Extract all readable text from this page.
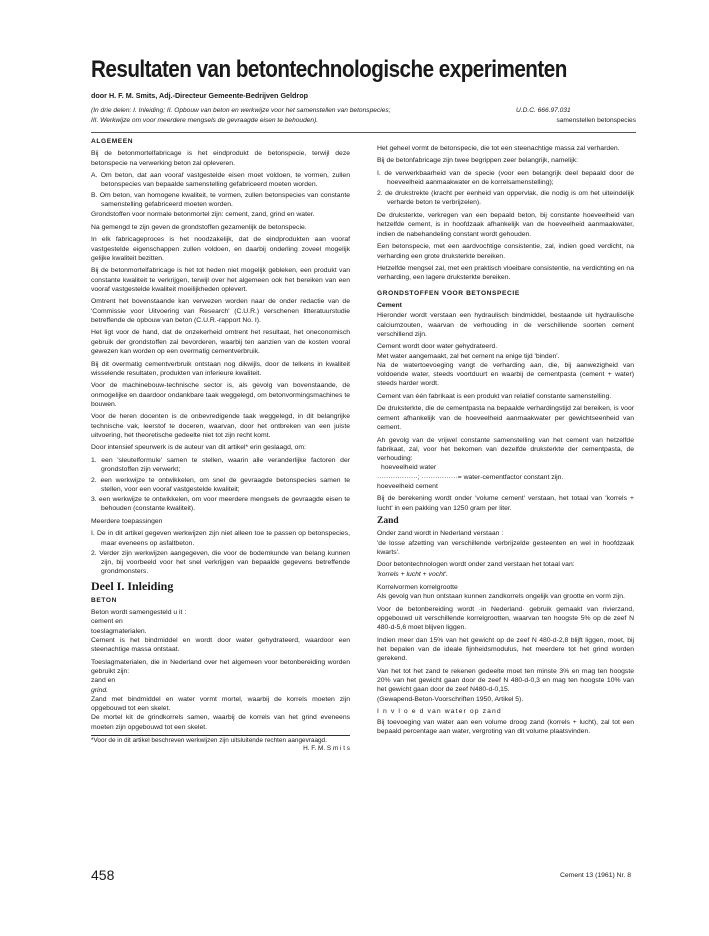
Resultaten van betontechnologische experimenten
door H. F. M. Smits, Adj.-Directeur Gemeente-Bedrijven Geldrop
(In drie delen: I. Inleiding; II. Opbouw van beton en werkwijze voor het samenstellen van betonspecies;	U.D.C. 666.97.031
III. Werkwijze om voor meerdere mengsels de gevraagde eisen te behouden).	samenstellen betonspecies
ALGEMEEN

Bij de betonmortelfabricage is het eindprodukt de betonspecie, terwijl deze betonspecie na verwerking beton zal opleveren.

A. Om beton, dat aan vooraf vastgestelde eisen moet voldoen, te vormen, zullen betonspecies van bepaalde samenstelling gefabriceerd moeten worden.
B. Om beton, van homogene kwaliteit, te vormen, zullen betonspecies van constante samenstelling gefabriceerd moeten worden.

Grondstoffen voor normale betonmortel zijn: cement, zand, grind en water.

Na gemengd te zijn geven de grondstoffen gezamenlijk de betonspecie.

In elk fabricageproces is het noodzakelijk, dat de eindprodukten aan vooraf vastgestelde eigenschappen zullen voldoen, en daarbij onderling zoveel mogelijk gelijke kwaliteit bezitten.

Bij de betonmortelfabricage is het tot heden niet mogelijk gebleken, een produkt van constante kwaliteit te verkrijgen, terwijl over het algemeen ook het bereiken van een vooraf vastgestelde kwaliteit moeilijkheden oplevert.

Omtrent het bovenstaande kan verwezen worden naar de onder redactie van de 'Commissie voor Uitvoering van Research' (C.U.R.) verschenen litteratuurstudie betreffende de opbouw van beton (C.U.R.-rapport No. I).

Het ligt voor de hand, dat de onzekerheid omtrent het resultaat, het oneconomisch gebruik der grondstoffen zal bevorderen, waarbij ten aanzien van de kosten vooral gewezen kan worden op een overmatig cementverbruik.

Bij dit overmatig cementverbruik ontstaan nog dikwijls, door de telkens in kwaliteit wisselende resultaten, produkten van inferieure kwaliteit.

Voor de machinebouw-technische sector is, als gevolg van bovenstaande, de onmogelijke en daardoor ondankbare taak weggelegd, om betonvormingsmachines te bouwen.

Voor de heren docenten is de onbevredigende taak weggelegd, in dit belangrijke technische vak, leerstof te doceren, waarvan, door het ontbreken van een juiste uitvoering, het theoretische gedeelte niet tot zijn recht komt.

Door intensief speurwerk is de auteur van dit artikel* erin geslaagd, om:

1. een 'sleutelformule' samen te stellen, waarin alle veranderlijke factoren der grondstoffen zijn verwerkt;
2. een werkwijze te ontwikkelen, om snel de gevraagde betonspecies samen te stellen, voor een vooraf vastgestelde kwaliteit;
3. een werkwijze te ontwikkelen, om voor meerdere mengsels de gevraagde eisen te behouden (constante kwaliteit).

Meerdere toepassingen

I. De in dit artikel gegeven werkwijzen zijn niet alleen toe te passen op betonspecies, maar eveneens op asfaltbeton.
2. Verder zijn werkwijzen aangegeven, die voor de bodemkunde van belang kunnen zijn, bij voorbeeld voor het snel verkrijgen van bepaalde gegevens betreffende grondmonsters.
Deel I. Inleiding
BETON
Beton wordt samengesteld u it :
cement en
toeslagmaterialen.

Cement is het bindmiddel en wordt door water gehydrateerd, waardoor een steenachtige massa ontstaat.

Toeslagmaterialen, die in Nederland over het algemeen voor betonbereiding worden gebruikt zijn:
zand en
grind.
Zand met bindmiddel en water vormt mortel, waarbij de korrels moeten zijn opgebouwd tot een skelet.
De mortel kit de grindkorrels samen, waarbij de korrels van het grind eveneens moeten zijn opgebouwd tot een skelet.
*Voor de in dit artikel beschreven werkwijzen zijn uitsluitende rechten aangevraagd.
H. F. M. S m i t s

Het geheel vormt de betonspecie, die tot een steenachtige massa zal verharden.

Bij de betonfabricage zijn twee begrippen zeer belangrijk, namelijk:

I. de verwerkbaarheid van de specie (voor een belangrijk deel bepaald door de hoeveelheid aanmaakwater en de korrelsamenstelling);
2. de drukstrekte (kracht per eenheid van oppervlak, die nodig is om het uiteindelijk verharde beton te verbrijzelen).

De druksterkte, verkregen van een bepaald beton, bij constante hoeveelheid van hetzelfde cement, is in hoofdzaak afhankelijk van de hoeveelheid aanmaakwater, indien de nabehandeling constant wordt gehouden.

Een betonspecie, met een aardvochtige consistentie, zal, indien goed verdicht, na verharding een grote druksterkte bereiken.

Hetzelfde mengsel zal, met een praktisch vloeibare consistentie, na verdichting en na verharding, een lagere druksterkte bereiken.

GRONDSTOFFEN VOOR BETONSPECIE
Cement

Hieronder wordt verstaan een hydraulisch bindmiddel, bestaande uit hydraulische calciumzouten, waarvan de verhouding in de verschillende soorten cement verschillend zijn.

Cement wordt door water gehydrateerd.
Met water aangemaakt, zal het cement na enige tijd 'binden'.

Na de watertoevoeging vangt de verharding aan, die, bij aanwezigheid van voldoende water, steeds voortduurt en waarbij de cementpasta (cement + water) steeds harder wordt.

Cement van één fabrikaat is een produkt van relatief constante samenstelling.

De druksterkte, die de cementpasta na bepaalde verhardingstijd zal bereiken, is voor cement afhankelijk van de hoeveelheid aanmaakwater per gewichtseenheid van cement.

Ah gevolg van de vrijwel constante samenstelling van het cement van hetzelfde fabrikaat, zal, voor het bekomen van dezelfde druksterkte der cementpasta, de verhouding:
hoeveelheid water
··················; ················= water-cementfactor constant zijn.

hoeveelheid cement

Bij de berekening wordt onder 'volume cement' verstaan, het totaal van 'korrels + lucht' in een pakking van 1250 gram per liter.

Zand
Onder zand wordt in Nederland verstaan :

'de losse afzetting van verschillende verbrijzelde gesteenten en wel in hoofdzaak kwarts'.

Door betontechnologen wordt onder zand verstaan het totaal van:

'korrels + lucht + vocht'.

Korrelvormen korrelgrootte

Als gevolg van hun ontstaan kunnen zandkorrels ongelijk van grootte en vorm zijn.

Voor de betonbereiding wordt ·in Nederland· gebruik gemaakt van rivierzand, opgebouwd uit verschillende korrelgrootten, waarvan ten hoogste 5% op de zeef N 480-d-5,6 moet blijven liggen.

Indien meer dan 15% van het gewicht op de zeef N 480-d-2,8 blijft liggen, moet, bij het bepalen van de ideale fijnheidsmodulus, het meerdere tot het grind worden gerekend.

Van het tot het zand te rekenen gedeelte moet ten minste 3% en mag ten hoogste 20% van het gewicht gaan door de zeef N 480-d-0,3 en mag ten hoogste 10% van het gewicht gaan door de zeef N480-d-0,15.

(Gewapend-Beton-Voorschriften 1950, Artikel 5).

I n v l o e d van water op zand

Bij toevoeging van water aan een volume droog zand (korrels + lucht), zal tot een bepaald percentage aan water, vergroting van dit volume plaatsvinden.

458	Cement 13 (1961) Nr. 8
